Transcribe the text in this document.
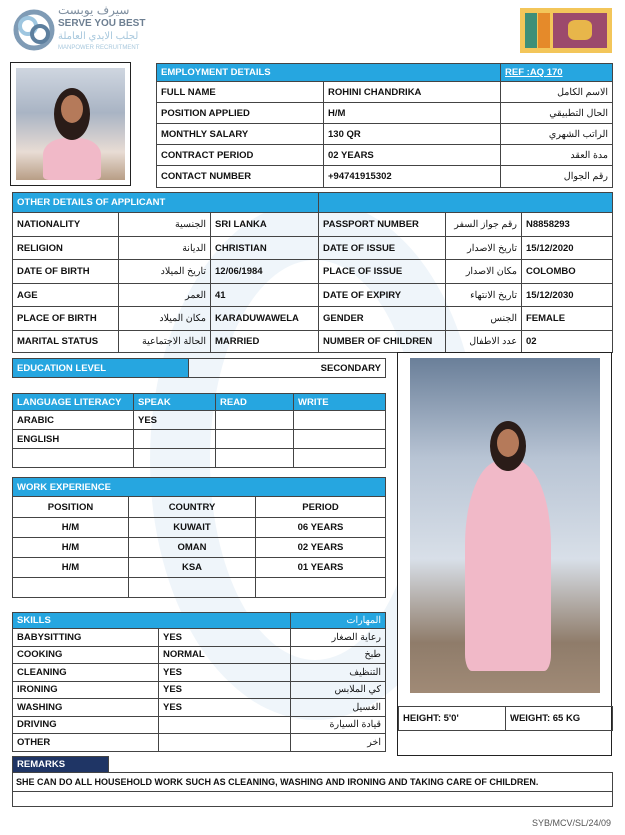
سيرف يوبست
SERVE YOU BEST
لجلب الايدي العاملة
MANPOWER RECRUITMENT
EMPLOYMENT DETAILS		REF :AQ 170
FULL NAME	ROHINI CHANDRIKA	الاسم الكامل
POSITION APPLIED	H/M	الحال التطبيقي
MONTHLY SALARY	130 QR	الراتب الشهري
CONTRACT PERIOD	02 YEARS	مدة العقد
CONTACT NUMBER	+94741915302	رقم الجوال
OTHER DETAILS OF APPLICANT					
NATIONALITY	الجنسية	SRI LANKA	PASSPORT NUMBER	رقم جواز السفر	N8858293
RELIGION	الديانة	CHRISTIAN	DATE OF ISSUE	تاريخ الاصدار	15/12/2020
DATE OF BIRTH	تاريخ الميلاد	12/06/1984	PLACE OF ISSUE	مكان الاصدار	COLOMBO
AGE	العمر	41	DATE OF EXPIRY	تاريخ الانتهاء	15/12/2030
PLACE OF BIRTH	مكان الميلاد	KARADUWAWELA	GENDER	الجنس	FEMALE
MARITAL STATUS	الحالة الاجتماعية	MARRIED	NUMBER OF CHILDREN	عدد الاطفال	02
EDUCATION LEVEL	SECONDARY
LANGUAGE LITERACY	SPEAK	READ	WRITE
ARABIC	YES		
ENGLISH			

WORK EXPERIENCE		
POSITION	COUNTRY	PERIOD
H/M	KUWAIT	06 YEARS
H/M	OMAN	02 YEARS
H/M	KSA	01 YEARS

SKILLS		المهارات
BABYSITTING	YES	رعاية الصغار
COOKING	NORMAL	طبخ
CLEANING	YES	التنظيف
IRONING	YES	كي الملابس
WASHING	YES	الغسيل
DRIVING		قيادة السيارة
OTHER		اخر
HEIGHT: 5'0'	WEIGHT: 65 KG
REMARKS	
SHE CAN DO ALL HOUSEHOLD WORK SUCH AS CLEANING, WASHING AND IRONING AND TAKING CARE OF CHILDREN.

SYB/MCV/SL/24/09
